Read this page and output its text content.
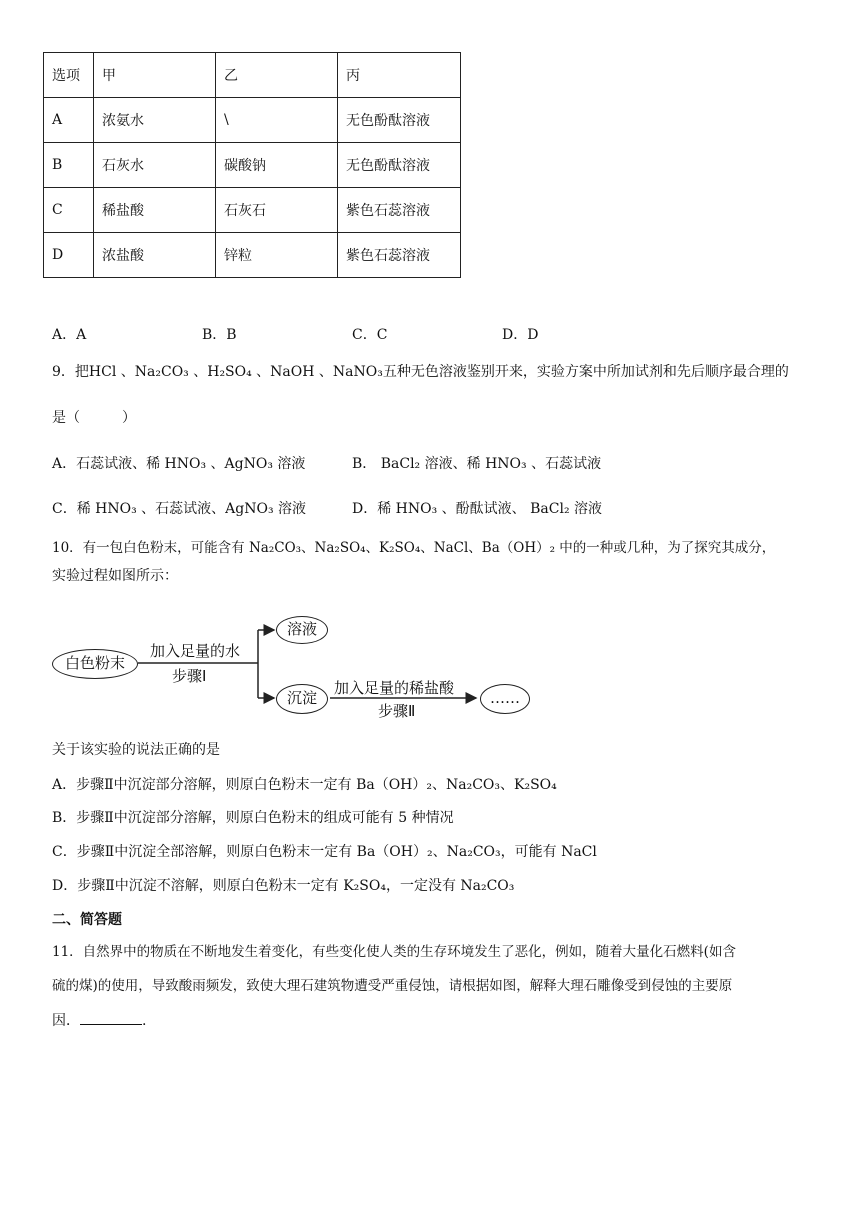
选项	甲	乙	丙
A	浓氨水	\	无色酚酞溶液
B	石灰水	碳酸钠	无色酚酞溶液
C	稀盐酸	石灰石	紫色石蕊溶液
D	浓盐酸	锌粒	紫色石蕊溶液
A．A	B．B	C．C	D．D
9．把HCl 、Na₂CO₃ 、H₂SO₄ 、NaOH 、NaNO₃五种无色溶液鉴别开来，实验方案中所加试剂和先后顺序最合理的
是（　　　）
A．石蕊试液、稀 HNO₃ 、AgNO₃ 溶液	B． BaCl₂ 溶液、稀 HNO₃ 、石蕊试液
C．稀 HNO₃ 、石蕊试液、AgNO₃ 溶液	D．稀 HNO₃ 、酚酞试液、 BaCl₂ 溶液
10．有一包白色粉末，可能含有 Na₂CO₃、Na₂SO₄、K₂SO₄、NaCl、Ba（OH）₂ 中的一种或几种，为了探究其成分，
实验过程如图所示：
白色粉末
加入足量的水
步骤Ⅰ
溶液
沉淀
加入足量的稀盐酸
步骤Ⅱ
……
关于该实验的说法正确的是
A．步骤Ⅱ中沉淀部分溶解，则原白色粉末一定有 Ba（OH）₂、Na₂CO₃、K₂SO₄
B．步骤Ⅱ中沉淀部分溶解，则原白色粉末的组成可能有 5 种情况
C．步骤Ⅱ中沉淀全部溶解，则原白色粉末一定有 Ba（OH）₂、Na₂CO₃，可能有 NaCl
D．步骤Ⅱ中沉淀不溶解，则原白色粉末一定有 K₂SO₄，一定没有 Na₂CO₃
二、简答题
11．自然界中的物质在不断地发生着变化，有些变化使人类的生存环境发生了恶化，例如，随着大量化石燃料(如含
硫的煤)的使用，导致酸雨频发，致使大理石建筑物遭受严重侵蚀，请根据如图，解释大理石雕像受到侵蚀的主要原
因．	.
